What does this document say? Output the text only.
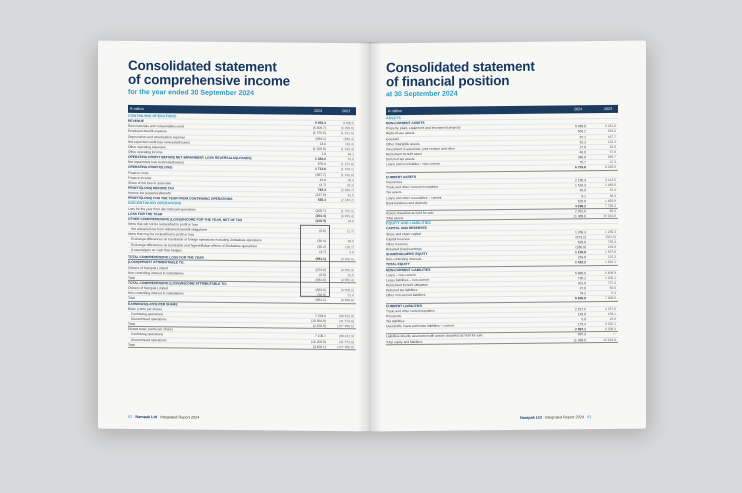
Consolidated statement
of comprehensive income
for the year ended 30 September 2024
R million	2024	2023
CONTINUING OPERATIONS
REVENUE	9 954.3	9 480.8
Raw materials and consumables used	(5 400.7)	(5 286.0)
Employee benefit expense	(1 370.5)	(1 321.5)
Depreciation and amortisation expense	(394.1)	(386.3)
Net expected credit loss reversals/(losses)	13.0	(43.4)
Other operating expenses	(1 328.6)	(1 310.3)
Other operating income	1.9	46.1
OPERATING PROFIT BEFORE NET IMPAIRMENT LOSS REVERSALS/(LOSSES)	1 384.0	78.8
Net impairment loss reversals/(losses)	670.0	(1 227.8)
OPERATING PROFIT/(LOSS)	1 714.6	(1 109.1)
Finance costs	(967.7)	(1 310.8)
Finance income	41.6	36.3
Share of net loss in associate	(4.7)	(6.1)
PROFIT/(LOSS) BEFORE TAX	783.3	(2 389.7)
Income tax (expense)/benefit	(227.8)	41.5
PROFIT/(LOSS) FOR THE YEAR FROM CONTINUING OPERATIONS	555.4	(2 248.2)
DISCONTINUED OPERATIONS
Loss for the year from discontinued operations	(205.7)	(1 707.2)
LOSS FOR THE YEAR	(301.4)	(3 955.4)
OTHER COMPREHENSIVE (LOSS)/INCOME FOR THE YEAR, NET OF TAX	(106.9)	24.8
Items that will not be reclassified to profit or loss
Net actuarial loss from retirement benefit obligations	(0.6)	(2.7)
Items that may be reclassified to profit or loss
Exchange differences on translation of foreign operations excluding Zimbabwe operations	(38.4)	36.0
Exchange differences on translation and hyperinflation effects of Zimbabwe operations	(35.2)	(26.7)
(Losses)/gain on cash flow hedges	(4.7)	8.6
TOTAL COMPREHENSIVE LOSS FOR THE YEAR	(981.1)	(3 930.6)
(LOSS)/PROFIT ATTRIBUTABLE TO:
Owners of Nampak Limited	(874.8)	(4 055.3)
Non-controlling interest in subsidiaries	(6.8)	81.8
Total	(881.6)	(3 955.4)
TOTAL COMPREHENSIVE (LOSS)/INCOME ATTRIBUTABLE TO:
Owners of Nampak Limited	(683.0)	(4 008.2)
Non-controlling interest in subsidiaries	(38.6)	51.6
Total	(981.1)	(3 930.6)
EARNINGS/(LOSS) PER SHARE
Basic (cents per share)
Continuing operations	7 234.0	(66 422.9)
Discontinued operations	(10 384.8)	(41 575.6)
Total	(4 150.8)	(107 998.5)
Diluted basic (cents per share)
Continuing operations	7 106.7	(66 422.9)
Discontinued operations	(10 206.8)	(41 575.6)
Total	(4 400.1)	(107 998.5)
62 Nampak Ltd Integrated Report 2024
Consolidated statement
of financial position
at 30 September 2024
R million	2024	2023
ASSETS
NON-CURRENT ASSETS
Property, plant, equipment and investment property	5 485.8	6 361.6
Right-of-use assets	565.2	653.0
Goodwill	87.1	457.7
Other intangible assets	81.2	132.3
Investment in associate, joint venture and other	27.8	36.6
Retirement benefit asset	45.0	57.8
Deferred tax assets	390.9	696.7
Loans and receivables – non-current	70.7	12.3
6 753.6	8 026.0
CURRENT ASSETS
Inventories	2 195.3	3 413.5
Trade and other current receivables	1 516.3	2 480.6
Tax assets	45.5	15.4
Loans and other receivables – current	9.1	36.3
Bank balances and deposits	520.9	1 863.9
4 286.2	7 790.3
Assets classified as held for sale	2 351.6	90.3
Total assets	11 389.6	15 910.8
EQUITY AND LIABILITIES
CAPITAL AND RESERVES
Share and share capital	1 266.3	1 266.3
Capital reserves	(573.2)	(501.5)
Other reserves	629.6	759.3
Retained (loss)/earnings	(186.9)	163.8
SHAREHOLDERS' EQUITY	1 135.8	1 557.8
Non-controlling interests	263.9	376.3
TOTAL EQUITY	1 422.2	1 934.1
NON-CURRENT LIABILITIES
Loans – non-current	5 965.0	5 809.9
Lease liabilities – non-current	730.1	1 036.1
Retirement benefit obligation	301.0	707.4
Deferred tax liabilities	37.0	66.6
Other non-current liabilities	79.2	8.4
6 605.8	7 608.6
CURRENT LIABILITIES
Trade and other current payables	2 627.0	3 257.6
Provisions	145.8	159.1
Tax liabilities	5.9	43.8
Overdrafts, loans and lease liabilities – current	175.4	9 002.1
2 967.1	6 308.3
Liabilities directly associated with assets classified as held for sale	697.3	—
Total equity and liabilities	11 389.6	15 910.8
Nampak Ltd Integrated Report 2024 63
